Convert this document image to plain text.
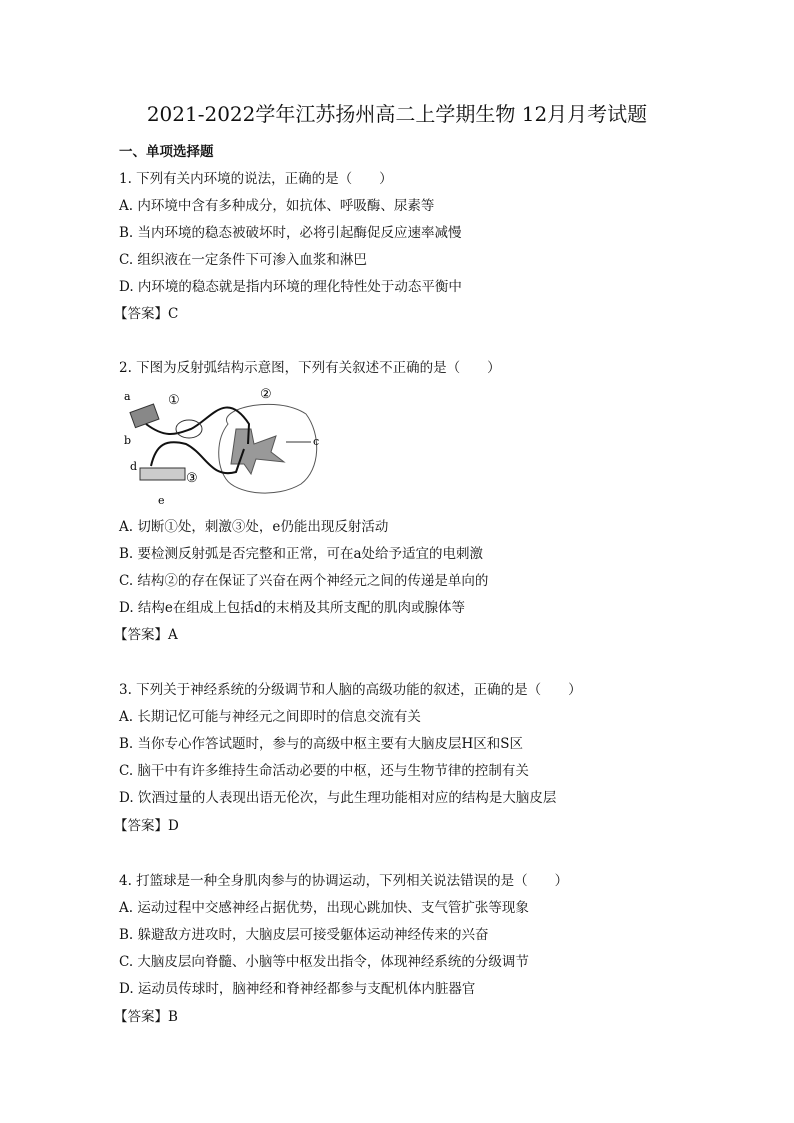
2021-2022学年江苏扬州高二上学期生物 12月月考试题
一、单项选择题
1. 下列有关内环境的说法，正确的是（　　）
A. 内环境中含有多种成分，如抗体、呼吸酶、尿素等
B. 当内环境的稳态被破坏时，必将引起酶促反应速率减慢
C. 组织液在一定条件下可渗入血浆和淋巴
D. 内环境的稳态就是指内环境的理化特性处于动态平衡中
【答案】C
2. 下图为反射弧结构示意图，下列有关叙述不正确的是（　　）
a
b	c
d
e
①	②
③
A. 切断①处，刺激③处，e仍能出现反射活动
B. 要检测反射弧是否完整和正常，可在a处给予适宜的电刺激
C. 结构②的存在保证了兴奋在两个神经元之间的传递是单向的
D. 结构e在组成上包括d的末梢及其所支配的肌肉或腺体等
【答案】A
3. 下列关于神经系统的分级调节和人脑的高级功能的叙述，正确的是（　　）
A. 长期记忆可能与神经元之间即时的信息交流有关
B. 当你专心作答试题时，参与的高级中枢主要有大脑皮层H区和S区
C. 脑干中有许多维持生命活动必要的中枢，还与生物节律的控制有关
D. 饮酒过量的人表现出语无伦次，与此生理功能相对应的结构是大脑皮层
【答案】D
4. 打篮球是一种全身肌肉参与的协调运动，下列相关说法错误的是（　　）
A. 运动过程中交感神经占据优势，出现心跳加快、支气管扩张等现象
B. 躲避敌方进攻时，大脑皮层可接受躯体运动神经传来的兴奋
C. 大脑皮层向脊髓、小脑等中枢发出指令，体现神经系统的分级调节
D. 运动员传球时，脑神经和脊神经都参与支配机体内脏器官
【答案】B
